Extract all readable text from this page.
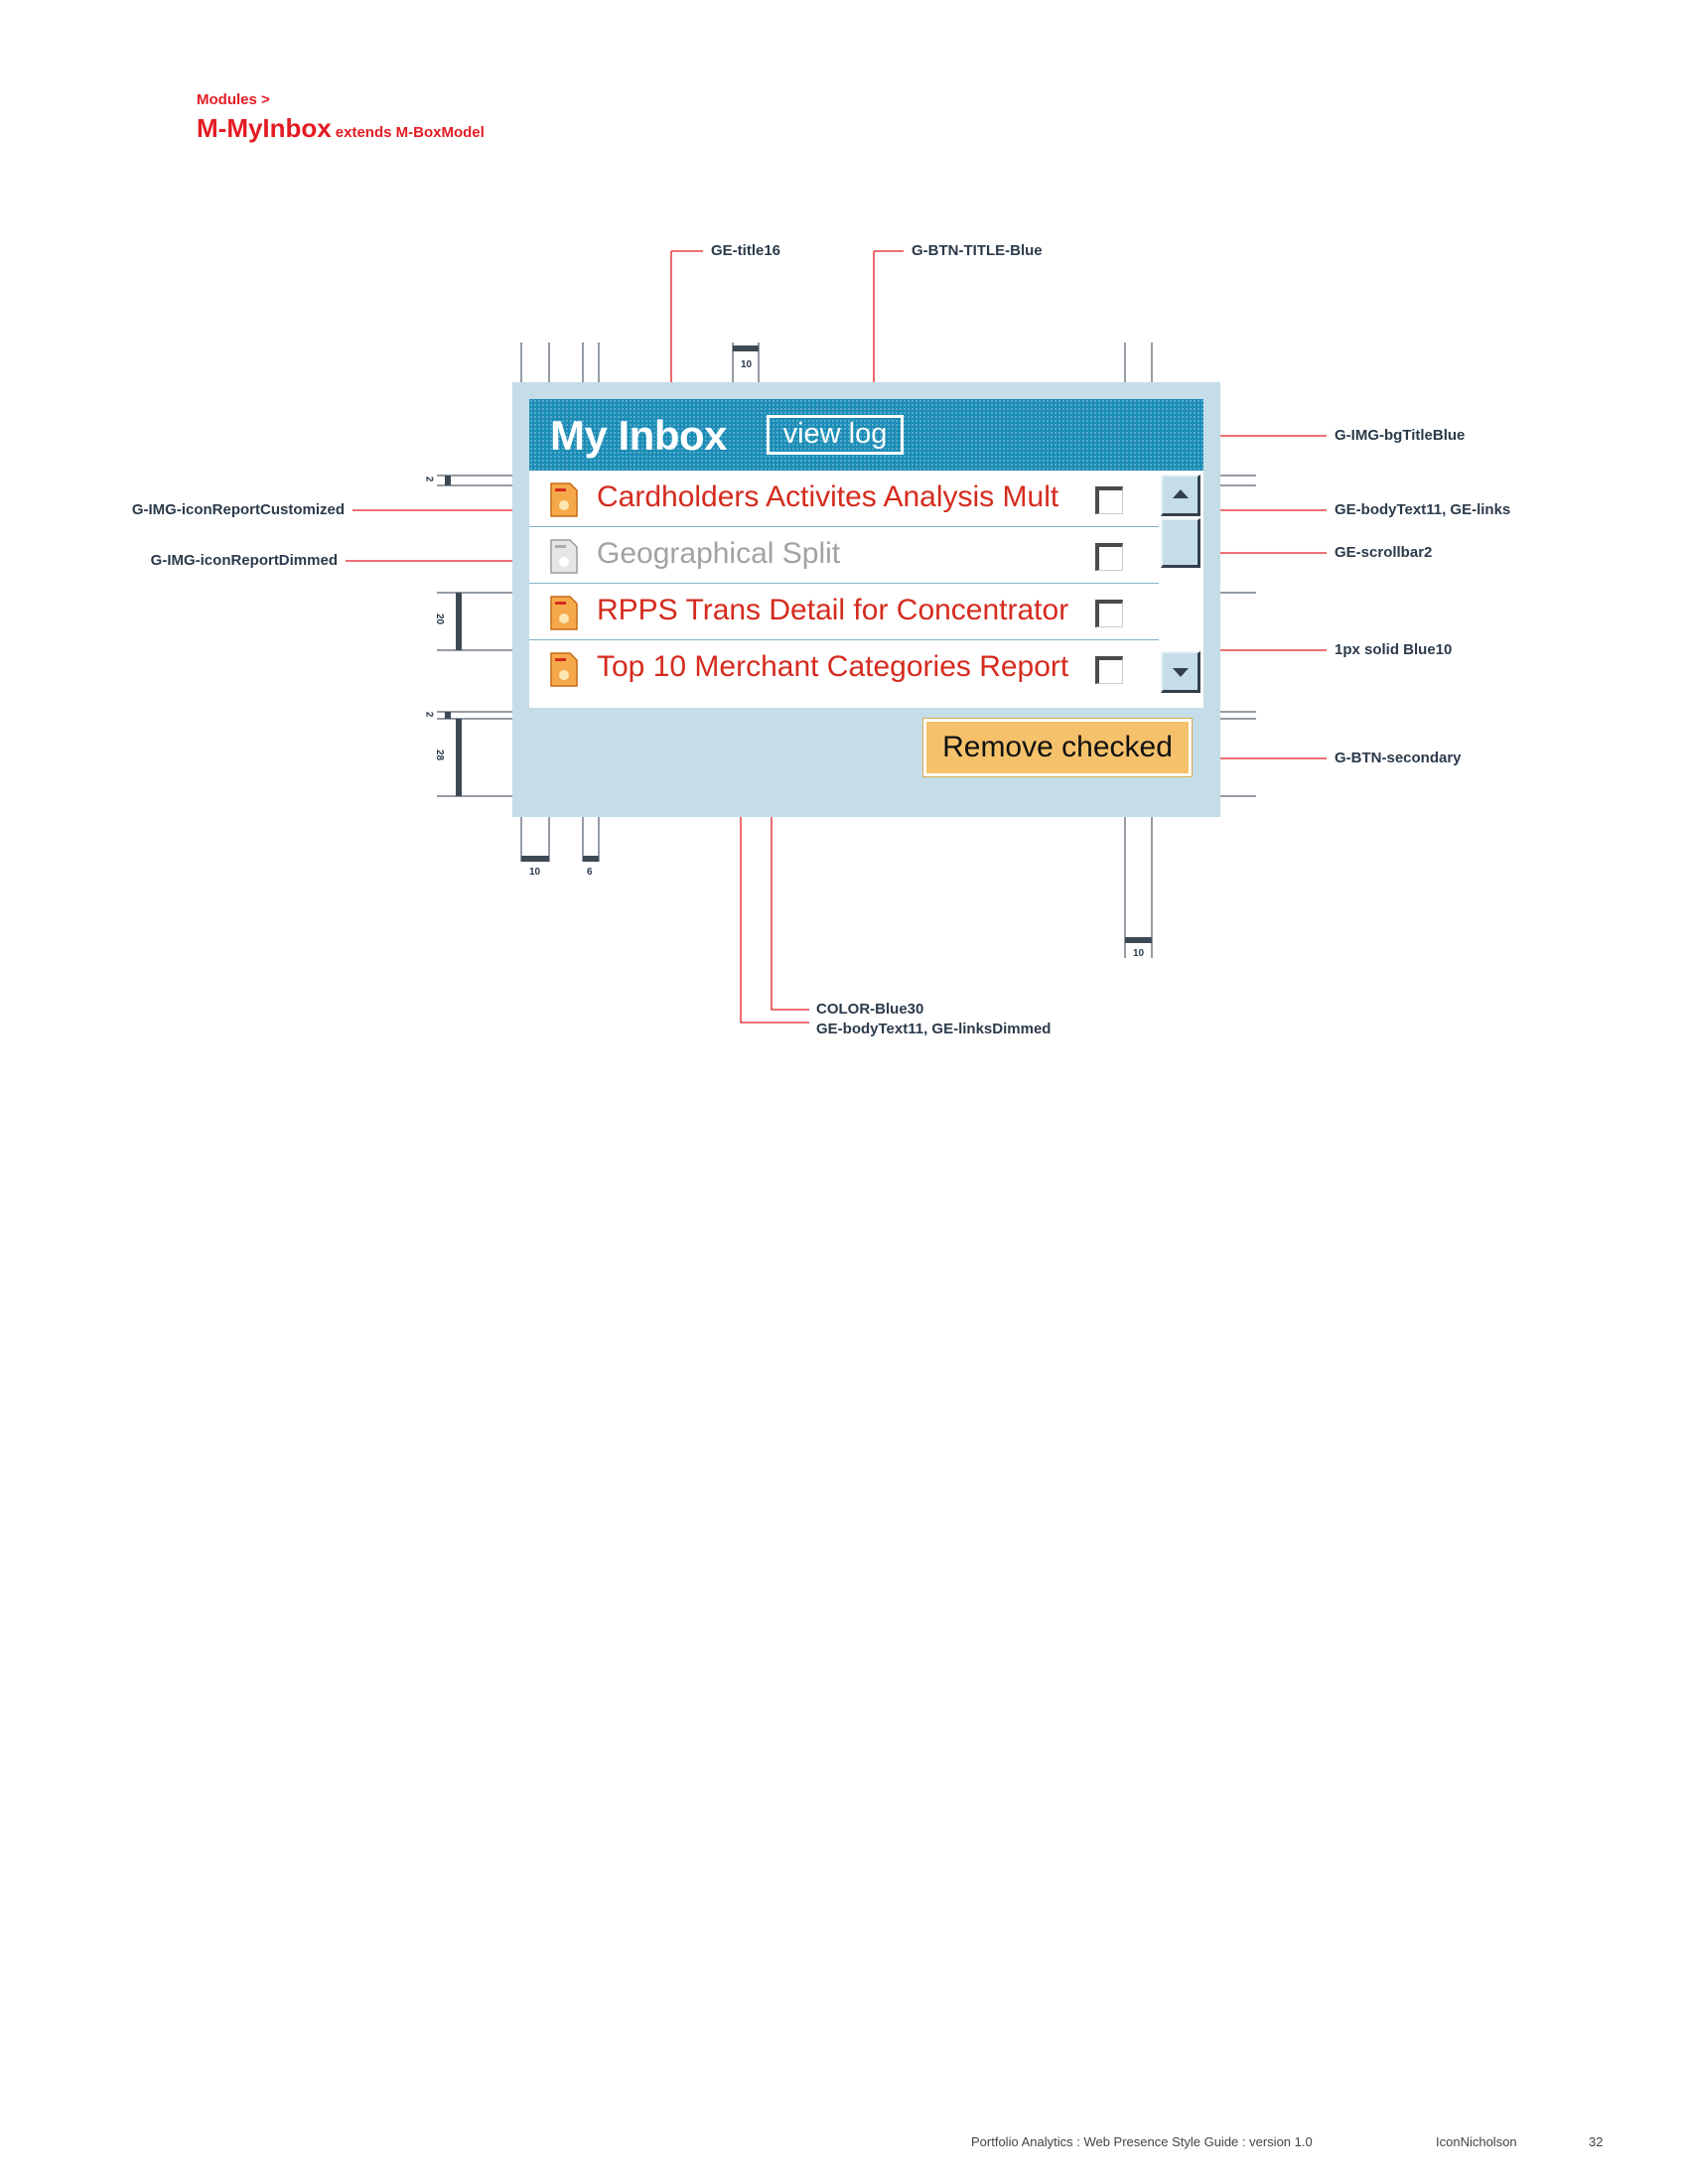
Modules >
M-MyInbox extends M-BoxModel
10
2
20
2
28
10	6
10
GE-title16	G-BTN-TITLE-Blue
G-IMG-bgTitleBlue
G-IMG-iconReportCustomized
G-IMG-iconReportDimmed
GE-bodyText11, GE-links
GE-scrollbar2
1px solid Blue10
G-BTN-secondary
COLOR-Blue30
GE-bodyText11, GE-linksDimmed
My Inbox	view log
Cardholders Activites Analysis Mult
Geographical Split
RPPS Trans Detail for Concentrator
Top 10 Merchant Categories Report
Remove checked
Portfolio Analytics : Web Presence Style Guide : version 1.0	IconNicholson	32
